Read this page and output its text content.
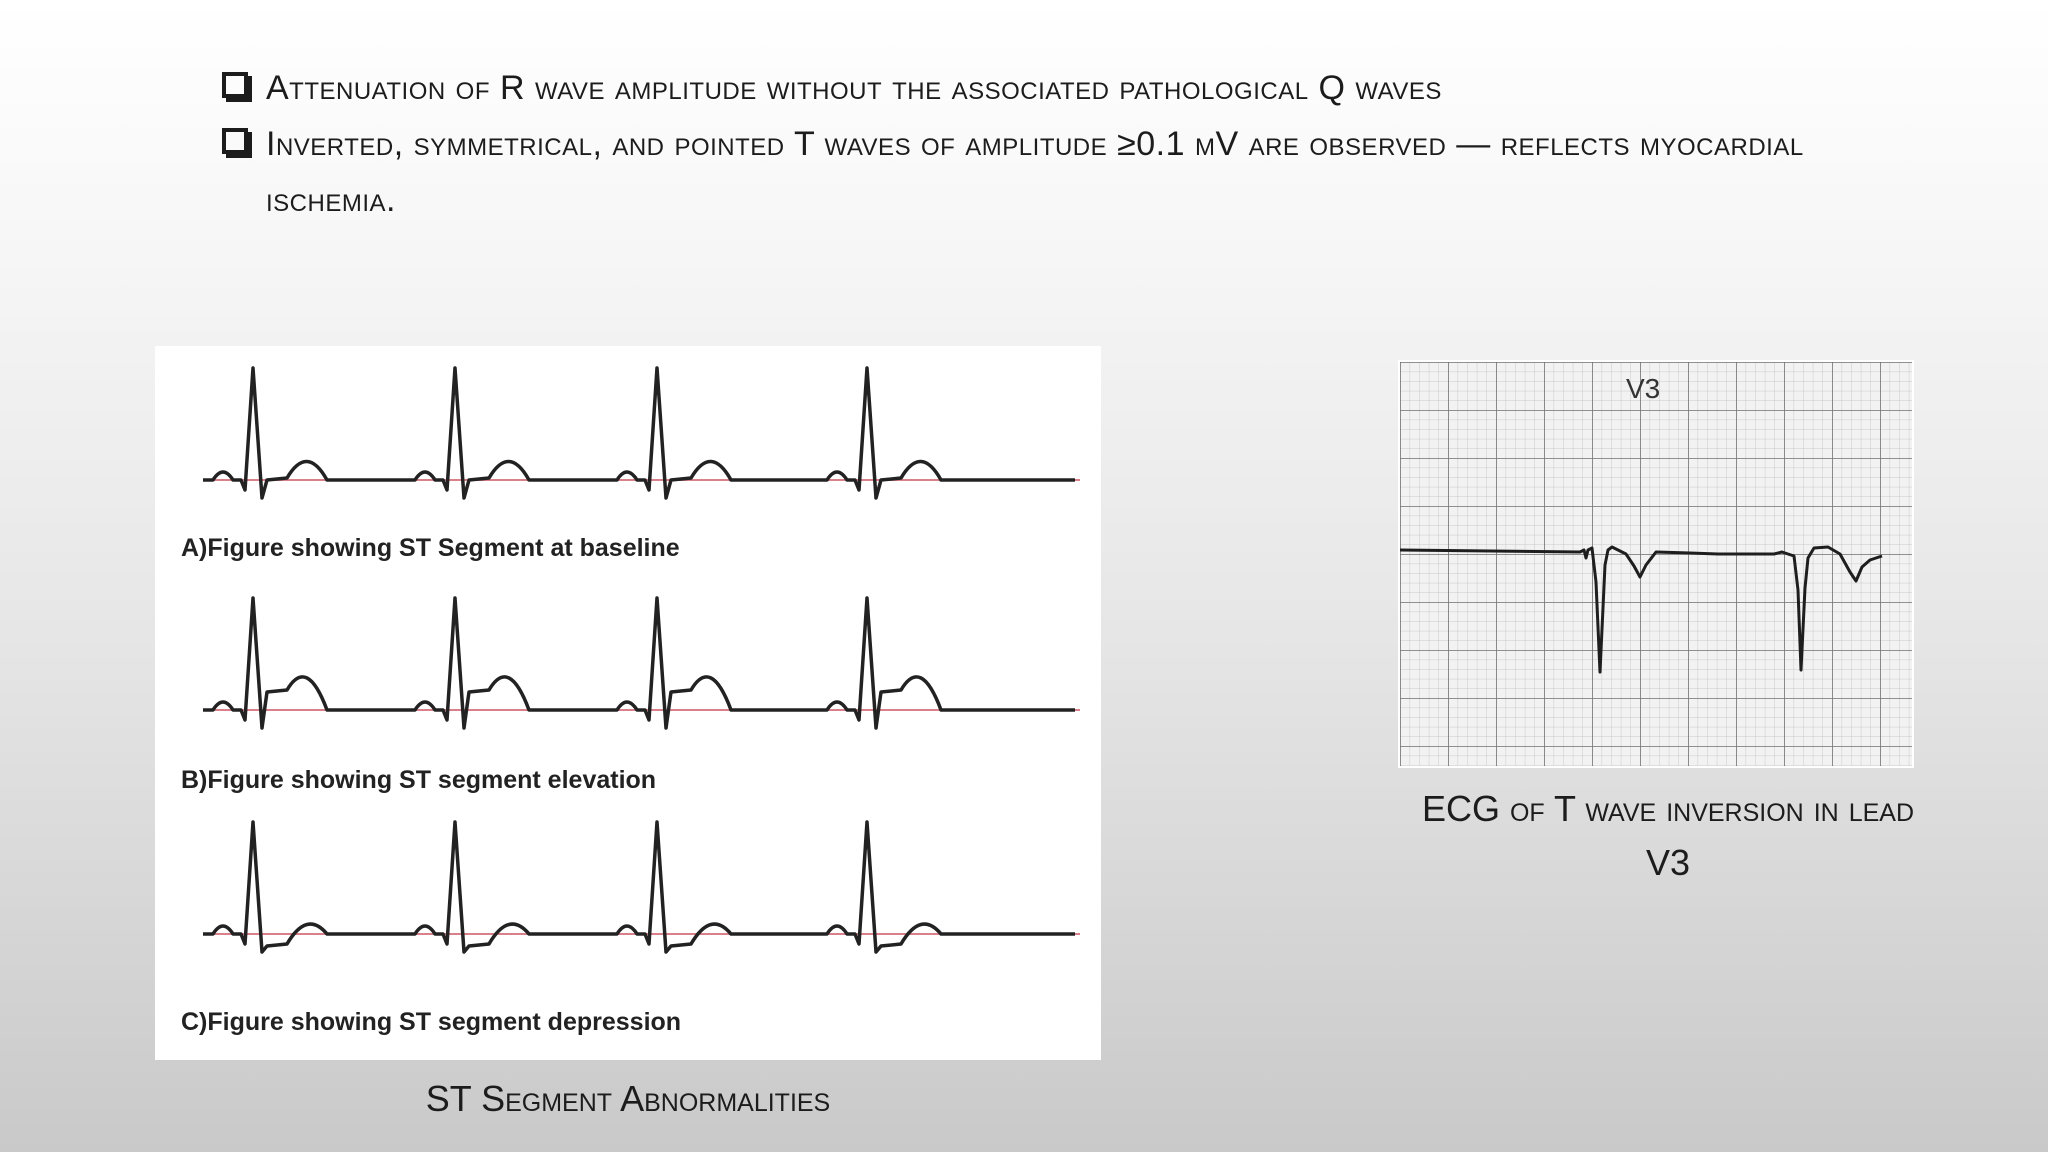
Attenuation of R wave amplitude without the associated pathological Q waves
Inverted, symmetrical, and pointed T waves of amplitude ≥0.1 mV are observed — reflects myocardial ischemia.
A)Figure showing ST Segment at baseline
B)Figure showing ST segment elevation
C)Figure showing ST segment depression
ST Segment Abnormalities
V3
ECG of T wave inversion in lead V3
